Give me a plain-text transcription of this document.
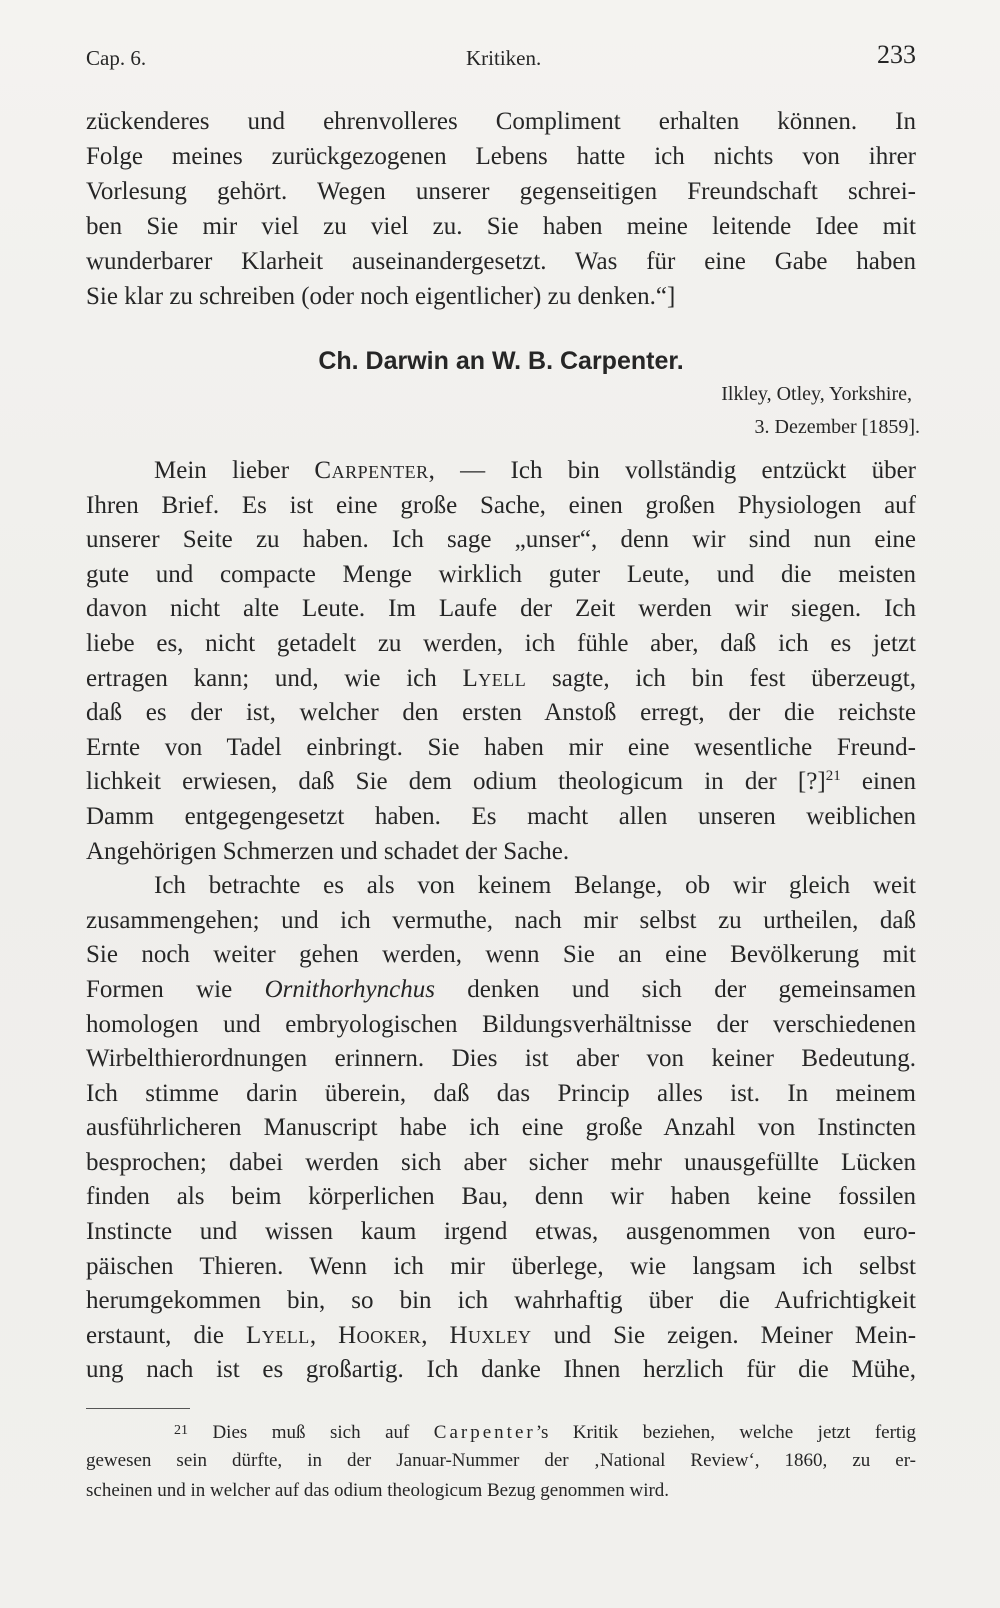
Cap. 6.	Kritiken.	233
zückenderes und ehrenvolleres Compliment erhalten können. In
Folge meines zurückgezogenen Lebens hatte ich nichts von ihrer
Vorlesung gehört. Wegen unserer gegenseitigen Freundschaft schrei-
ben Sie mir viel zu viel zu. Sie haben meine leitende Idee mit
wunderbarer Klarheit auseinandergesetzt. Was für eine Gabe haben
Sie klar zu schreiben (oder noch eigentlicher) zu denken.“]
Ch. Darwin an W. B. Carpenter.
Ilkley, Otley, Yorkshire,
3. Dezember [1859].
Mein lieber Carpenter, — Ich bin vollständig entzückt über
Ihren Brief. Es ist eine große Sache, einen großen Physiologen auf
unserer Seite zu haben. Ich sage „unser“, denn wir sind nun eine
gute und compacte Menge wirklich guter Leute, und die meisten
davon nicht alte Leute. Im Laufe der Zeit werden wir siegen. Ich
liebe es, nicht getadelt zu werden, ich fühle aber, daß ich es jetzt
ertragen kann; und, wie ich Lyell sagte, ich bin fest überzeugt,
daß es der ist, welcher den ersten Anstoß erregt, der die reichste
Ernte von Tadel einbringt. Sie haben mir eine wesentliche Freund-
lichkeit erwiesen, daß Sie dem odium theologicum in der [?]$^{21}$ einen
Damm entgegengesetzt haben. Es macht allen unseren weiblichen
Angehörigen Schmerzen und schadet der Sache.
Ich betrachte es als von keinem Belange, ob wir gleich weit
zusammengehen; und ich vermuthe, nach mir selbst zu urtheilen, daß
Sie noch weiter gehen werden, wenn Sie an eine Bevölkerung mit
Formen wie Ornithorhynchus denken und sich der gemeinsamen
homologen und embryologischen Bildungsverhältnisse der verschiedenen
Wirbelthierordnungen erinnern. Dies ist aber von keiner Bedeutung.
Ich stimme darin überein, daß das Princip alles ist. In meinem
ausführlicheren Manuscript habe ich eine große Anzahl von Instincten
besprochen; dabei werden sich aber sicher mehr unausgefüllte Lücken
finden als beim körperlichen Bau, denn wir haben keine fossilen
Instincte und wissen kaum irgend etwas, ausgenommen von euro-
päischen Thieren. Wenn ich mir überlege, wie langsam ich selbst
herumgekommen bin, so bin ich wahrhaftig über die Aufrichtigkeit
erstaunt, die Lyell, Hooker, Huxley und Sie zeigen. Meiner Mein-
ung nach ist es großartig. Ich danke Ihnen herzlich für die Mühe,
$^{21}$ Dies muß sich auf Carpenter’s Kritik beziehen, welche jetzt fertig
gewesen sein dürfte, in der Januar-Nummer der ‚National Review‘, 1860, zu er-
scheinen und in welcher auf das odium theologicum Bezug genommen wird.
